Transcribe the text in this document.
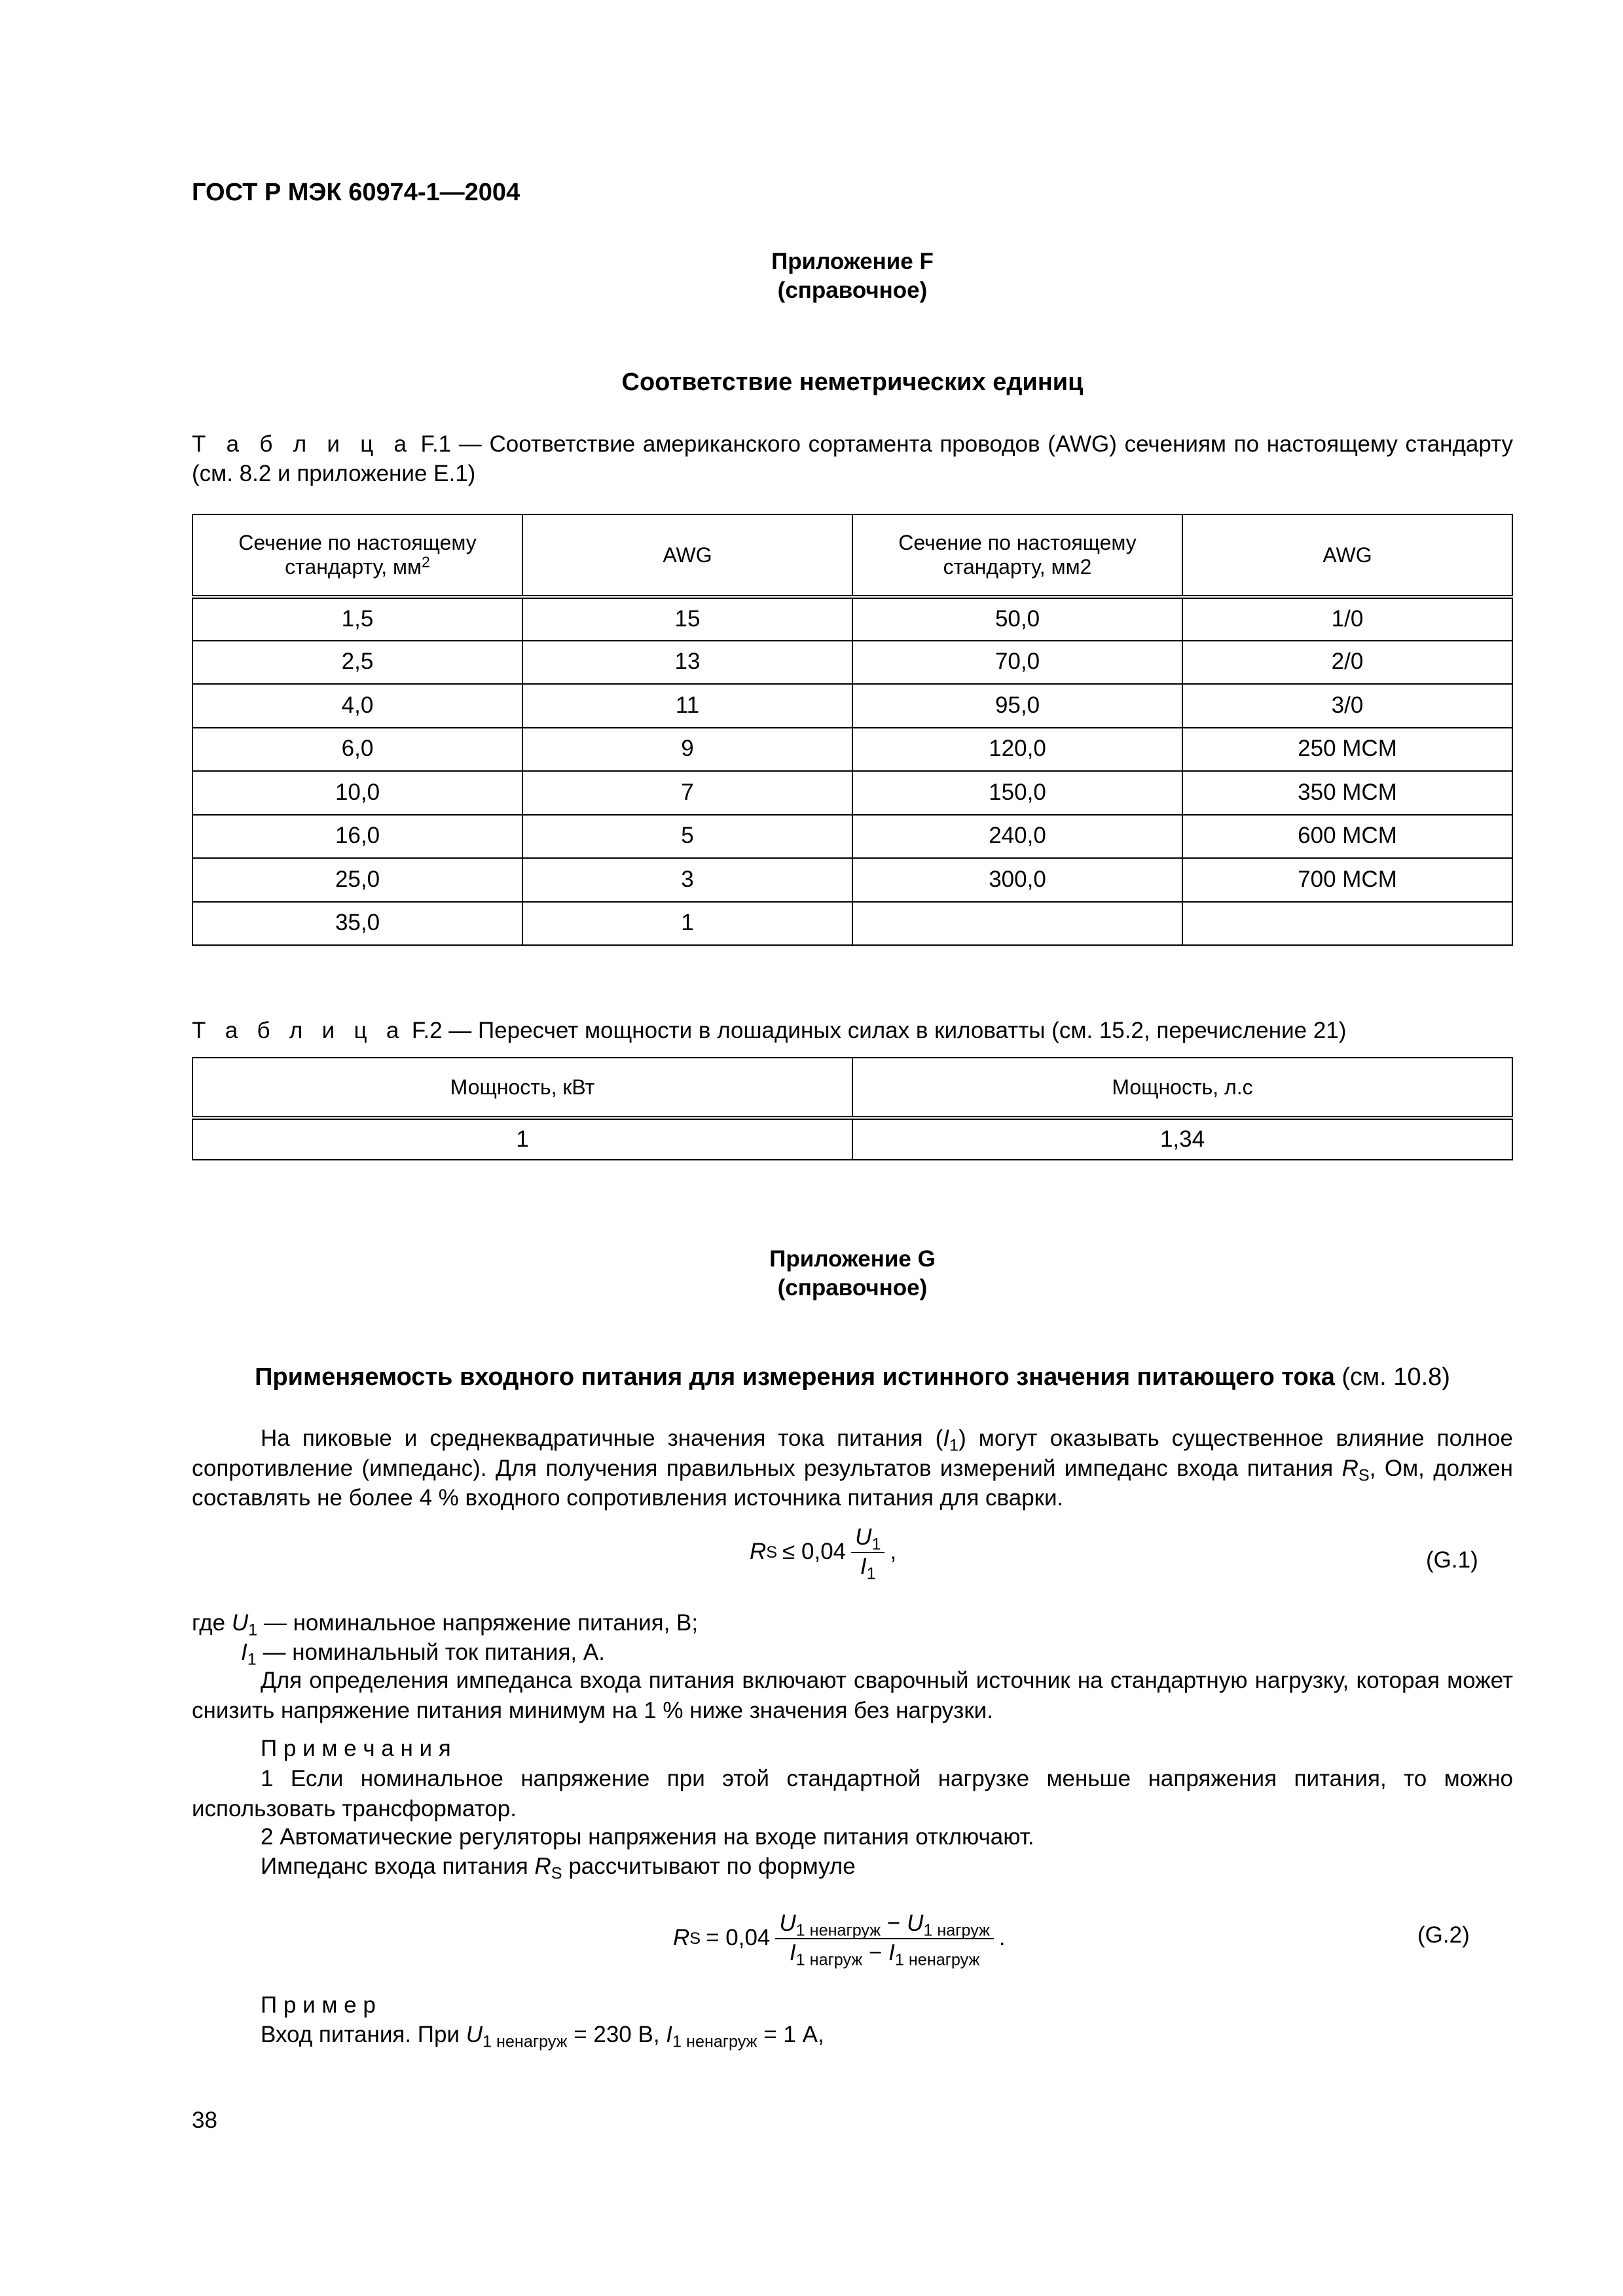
ГОСТ Р МЭК 60974-1—2004
Приложение F
(справочное)
Соответствие неметрических единиц
Т а б л и ц а F.1 — Соответствие американского сортамента проводов (AWG) сечениям по настоящему стандарту (см. 8.2 и приложение Е.1)
Сечение по настоящему стандарту, $мм^2$	AWG	Сечение по настоящему стандарту, мм2	AWG
1,5	15	50,0	1/0
2,5	13	70,0	2/0
4,0	11	95,0	3/0
6,0	9	120,0	250 MCM
10,0	7	150,0	350 MCM
16,0	5	240,0	600 MCM
25,0	3	300,0	700 MCM
35,0	1		
Т а б л и ц а F.2 — Пересчет мощности в лошадиных силах в киловатты (см. 15.2, перечисление 21)
Мощность, кВт	Мощность, л.с
1	1,34
Приложение G
(справочное)
Применяемость входного питания для измерения истинного значения питающего тока (см. 10.8)
На пиковые и среднеквадратичные значения тока питания $(I_1)$ могут оказывать существенное влияние полное сопротивление (импеданс). Для получения правильных результатов измерений импеданс входа питания $R_S$, Ом, должен составлять не более 4 % входного сопротивления источника питания для сварки.
R $S \le 0,04 \frac{U_1}{I_1}$ ,	(G.1)
где $U_1$ — номинальное напряжение питания, В;
$I_1$ — номинальный ток питания, А.
Для определения импеданса входа питания включают сварочный источник на стандартную нагрузку, которая может снизить напряжение питания минимум на 1 % ниже значения без нагрузки.
П р и м е ч а н и я
1 Если номинальное напряжение при этой стандартной нагрузке меньше напряжения питания, то можно использовать трансформатор.
2 Автоматические регуляторы напряжения на входе питания отключают.
Импеданс входа питания $R_S$ рассчитывают по формуле
R $S = 0,04 \frac{U_{1 ненагруж} - U_{1 нагруж}}{I_{1 нагруж} - I_{1 ненагруж}}$ .	(G.2)
П р и м е р
Вход питания. При $U_{1 ненагруж} = 230$ В, $I_{1 ненагруж} = 1$ А,
38
